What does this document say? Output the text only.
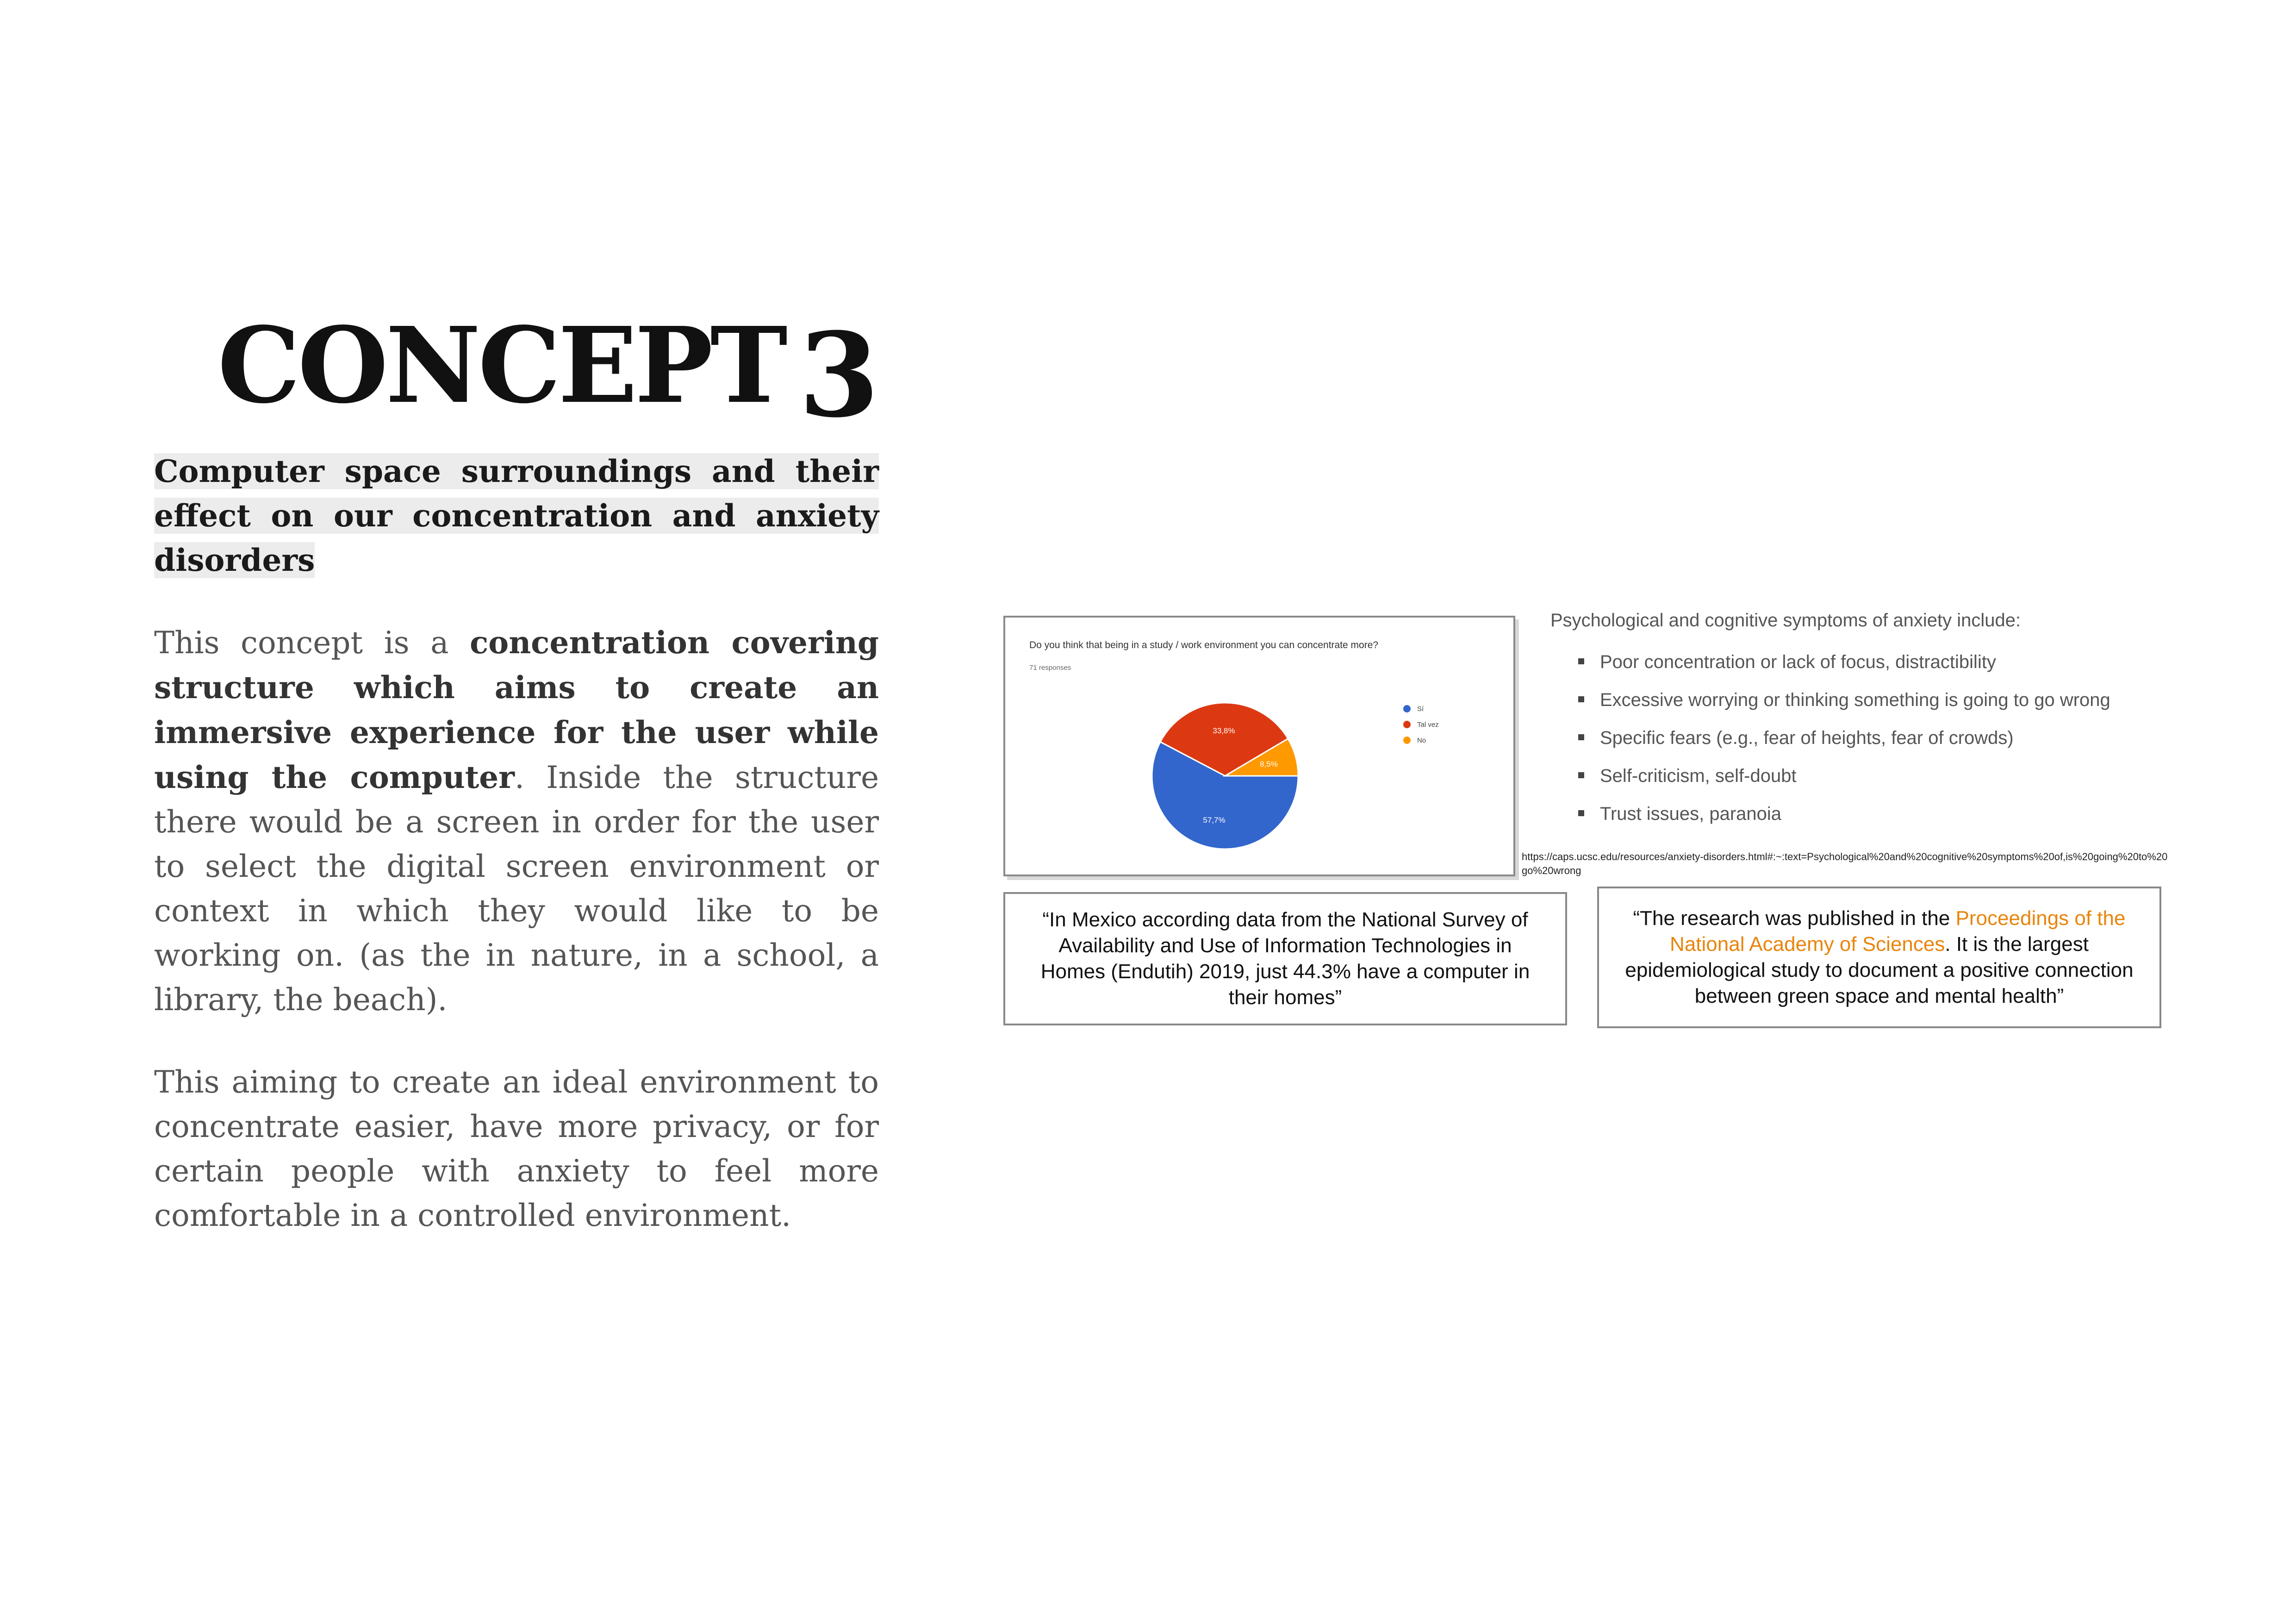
CONCEPT 3
Computer space surroundings and their effect on our concentration and anxiety disorders

This concept is a concentration covering structure which aims to create an immersive experience for the user while using the computer. Inside the structure there would be a screen in order for the user to select the digital screen environment or context in which they would like to be working on. (as the in nature, in a school, a library, the beach).

This aiming to create an ideal environment to concentrate easier, have more privacy, or for certain people with anxiety to feel more comfortable in a controlled environment.

Do you think that being in a study / work environment you can concentrate more?
71 responses
57,7%
33,8%
8,5%
Sí
Tal vez
No
Psychological and cognitive symptoms of anxiety include:
Poor concentration or lack of focus, distractibility
Excessive worrying or thinking something is going to go wrong
Specific fears (e.g., fear of heights, fear of crowds)
Self-criticism, self-doubt
Trust issues, paranoia
https://caps.ucsc.edu/resources/anxiety-disorders.html#:~:text=Psychological%20and%20cognitive%20symptoms%20of,is%20going%20to%20go%20wrong
“In Mexico according data from the National Survey of Availability and Use of Information Technologies in Homes (Endutih) 2019, just 44.3% have a computer in their homes”
“The research was published in the Proceedings of the National Academy of Sciences. It is the largest epidemiological study to document a positive connection between green space and mental health”
